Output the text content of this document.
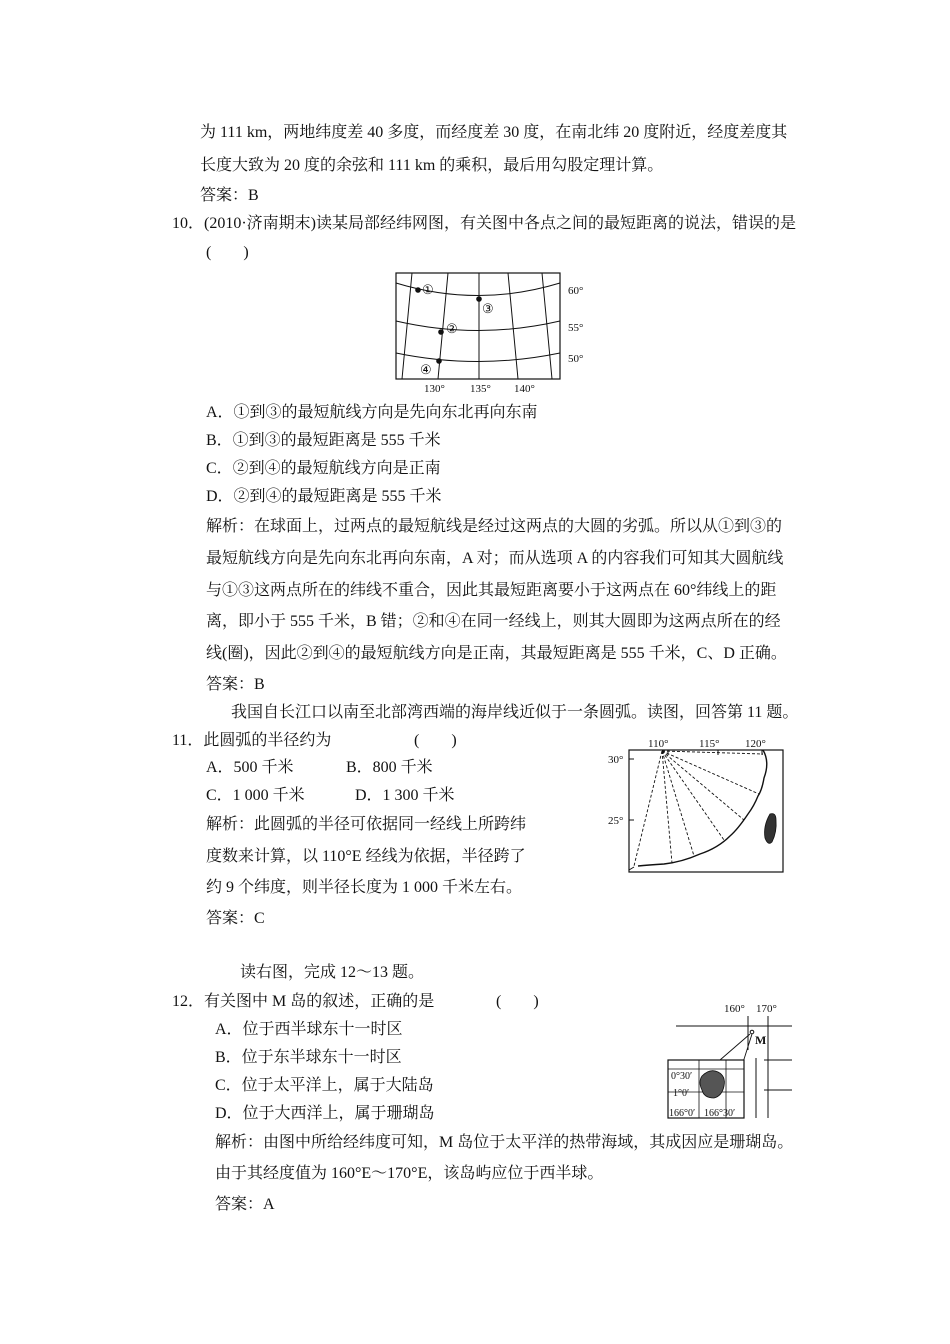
为 111 km，两地纬度差 40 多度，而经度差 30 度，在南北纬 20 度附近，经度差度其
长度大致为 20 度的余弦和 111 km 的乘积，最后用勾股定理计算。
答案：B
10．(2010·济南期末)读某局部经纬网图，有关图中各点之间的最短距离的说法，错误的是
(　　)
①
③
②
④
60°
55°
50°
130° 135° 140°
A．①到③的最短航线方向是先向东北再向东南
B．①到③的最短距离是 555 千米
C．②到④的最短航线方向是正南
D．②到④的最短距离是 555 千米
解析：在球面上，过两点的最短航线是经过这两点的大圆的劣弧。所以从①到③的
最短航线方向是先向东北再向东南，A 对；而从选项 A 的内容我们可知其大圆航线
与①③这两点所在的纬线不重合，因此其最短距离要小于这两点在 60°纬线上的距
离，即小于 555 千米，B 错；②和④在同一经线上，则其大圆即为这两点所在的经
线(圈)，因此②到④的最短航线方向是正南，其最短距离是 555 千米，C、D 正确。
答案：B
我国自长江口以南至北部湾西端的海岸线近似于一条圆弧。读图，回答第 11 题。
11．此圆弧的半径约为	(　　)
A．500 千米	B．800 千米
C．1 000 千米	D．1 300 千米
解析：此圆弧的半径可依据同一经线上所跨纬
度数来计算，以 110°E 经线为依据，半径跨了
约 9 个纬度，则半径长度为 1 000 千米左右。
答案：C
110°	115° 120°
30°
25°
读右图，完成 12～13 题。
12．有关图中 M 岛的叙述，正确的是	(　　)
A．位于西半球东十一时区
B．位于东半球东十一时区
C．位于太平洋上，属于大陆岛
D．位于大西洋上，属于珊瑚岛
解析：由图中所给经纬度可知，M 岛位于太平洋的热带海域，其成因应是珊瑚岛。
由于其经度值为 160°E～170°E，该岛屿应位于西半球。
答案：A
160° 170°
M
0°30′
1°0′
166°0′ 166°30′
